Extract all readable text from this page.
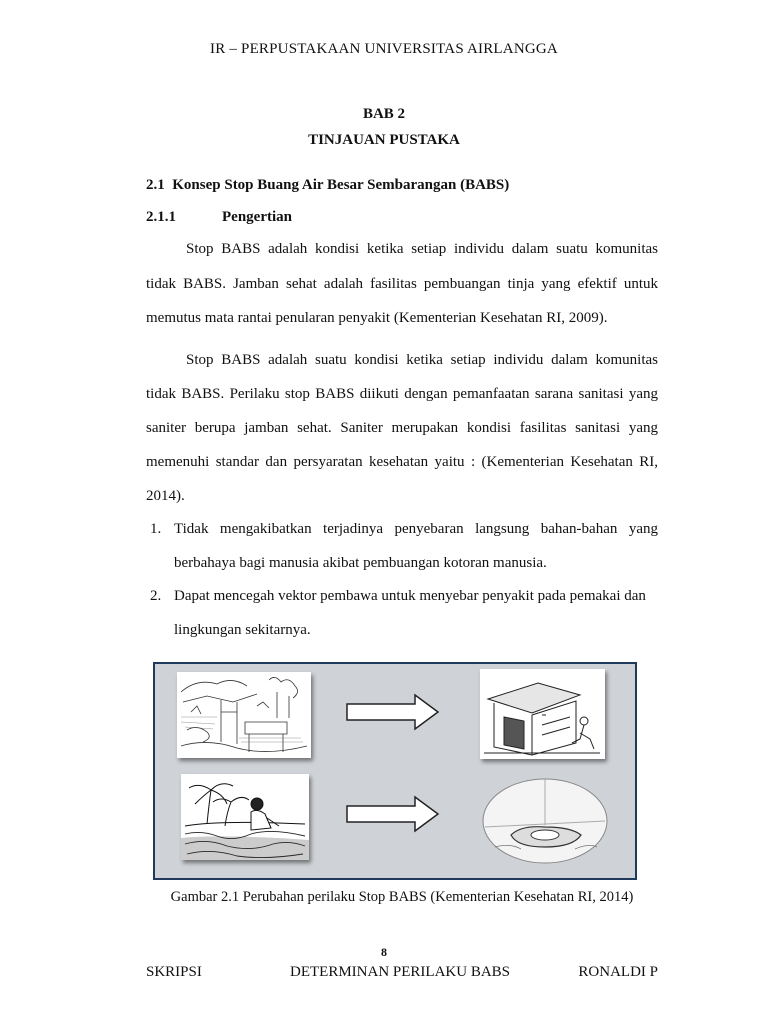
IR – PERPUSTAKAAN UNIVERSITAS AIRLANGGA
BAB 2
TINJAUAN PUSTAKA
2.1 Konsep Stop Buang Air Besar Sembarangan (BABS)
2.1.1	Pengertian
Stop BABS adalah kondisi ketika setiap individu dalam suatu komunitas
tidak BABS. Jamban sehat adalah fasilitas pembuangan tinja yang efektif untuk
memutus mata rantai penularan penyakit (Kementerian Kesehatan RI, 2009).
Stop BABS adalah suatu kondisi ketika setiap individu dalam komunitas
tidak BABS. Perilaku stop BABS diikuti dengan pemanfaatan sarana sanitasi yang
saniter berupa jamban sehat. Saniter merupakan kondisi fasilitas sanitasi yang
memenuhi standar dan persyaratan kesehatan yaitu : (Kementerian Kesehatan RI,
2014).
1. Tidak mengakibatkan terjadinya penyebaran langsung bahan-bahan yang
berbahaya bagi manusia akibat pembuangan kotoran manusia.
2. Dapat mencegah vektor pembawa untuk menyebar penyakit pada pemakai dan
lingkungan sekitarnya.
Gambar 2.1 Perubahan perilaku Stop BABS (Kementerian Kesehatan RI, 2014)
8
SKRIPSI	DETERMINAN PERILAKU BABS	RONALDI P
